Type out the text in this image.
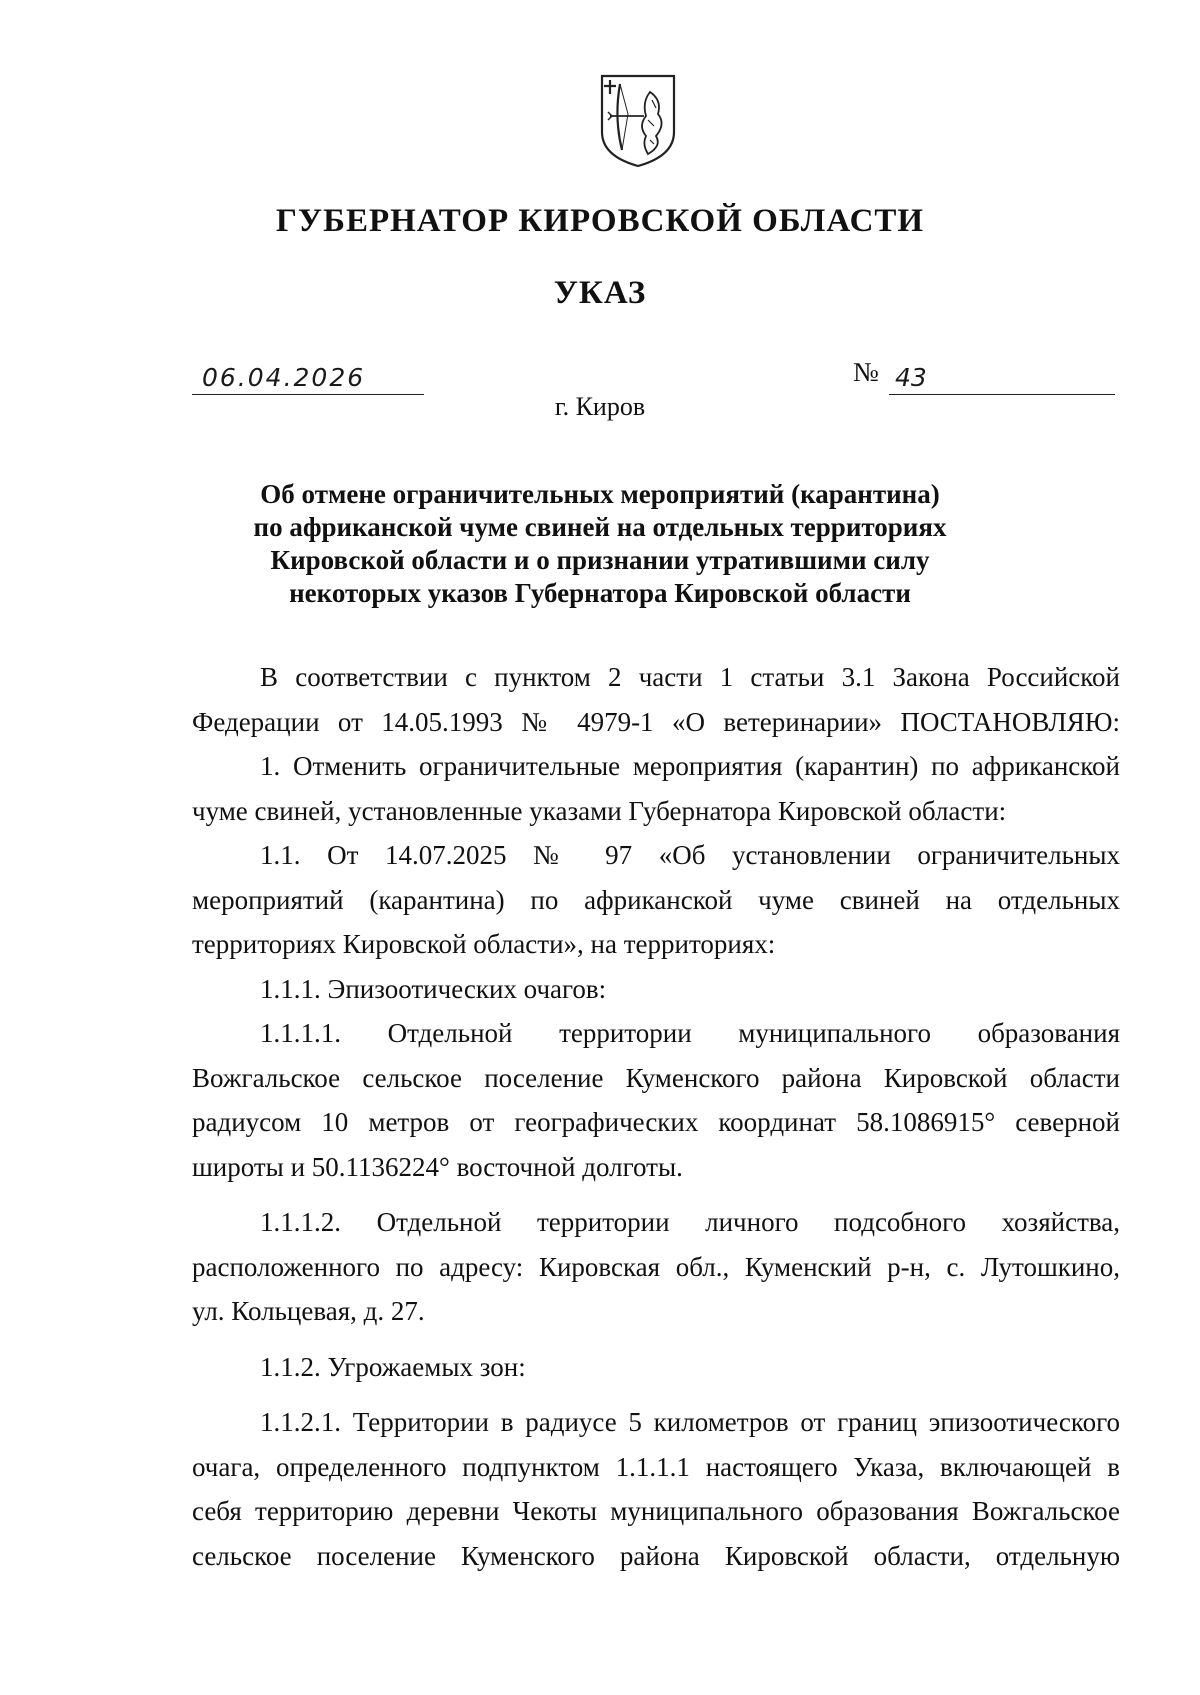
ГУБЕРНАТОР КИРОВСКОЙ ОБЛАСТИ
УКАЗ
06.04.2026	№ 43
г. Киров
Об отмене ограничительных мероприятий (карантина)
по африканской чуме свиней на отдельных территориях
Кировской области и о признании утратившими силу
некоторых указов Губернатора Кировской области

В соответствии с пунктом 2 части 1 статьи 3.1 Закона Российской

Федерации от 14.05.1993 № 4979-1 «О ветеринарии» ПОСТАНОВЛЯЮ:

1. Отменить ограничительные мероприятия (карантин) по африканской

чуме свиней, установленные указами Губернатора Кировской области:

1.1. От 14.07.2025 № 97 «Об установлении ограничительных

мероприятий (карантина) по африканской чуме свиней на отдельных

территориях Кировской области», на территориях:

1.1.1. Эпизоотических очагов:

1.1.1.1. Отдельной территории муниципального образования

Вожгальское сельское поселение Куменского района Кировской области

радиусом 10 метров от географических координат 58.1086915° северной

широты и 50.1136224° восточной долготы.

1.1.1.2. Отдельной территории личного подсобного хозяйства,

расположенного по адресу: Кировская обл., Куменский р-н, с. Лутошкино,

ул. Кольцевая, д. 27.

1.1.2. Угрожаемых зон:

1.1.2.1. Территории в радиусе 5 километров от границ эпизоотического

очага, определенного подпунктом 1.1.1.1 настоящего Указа, включающей в

себя территорию деревни Чекоты муниципального образования Вожгальское

сельское поселение Куменского района Кировской области, отдельную
